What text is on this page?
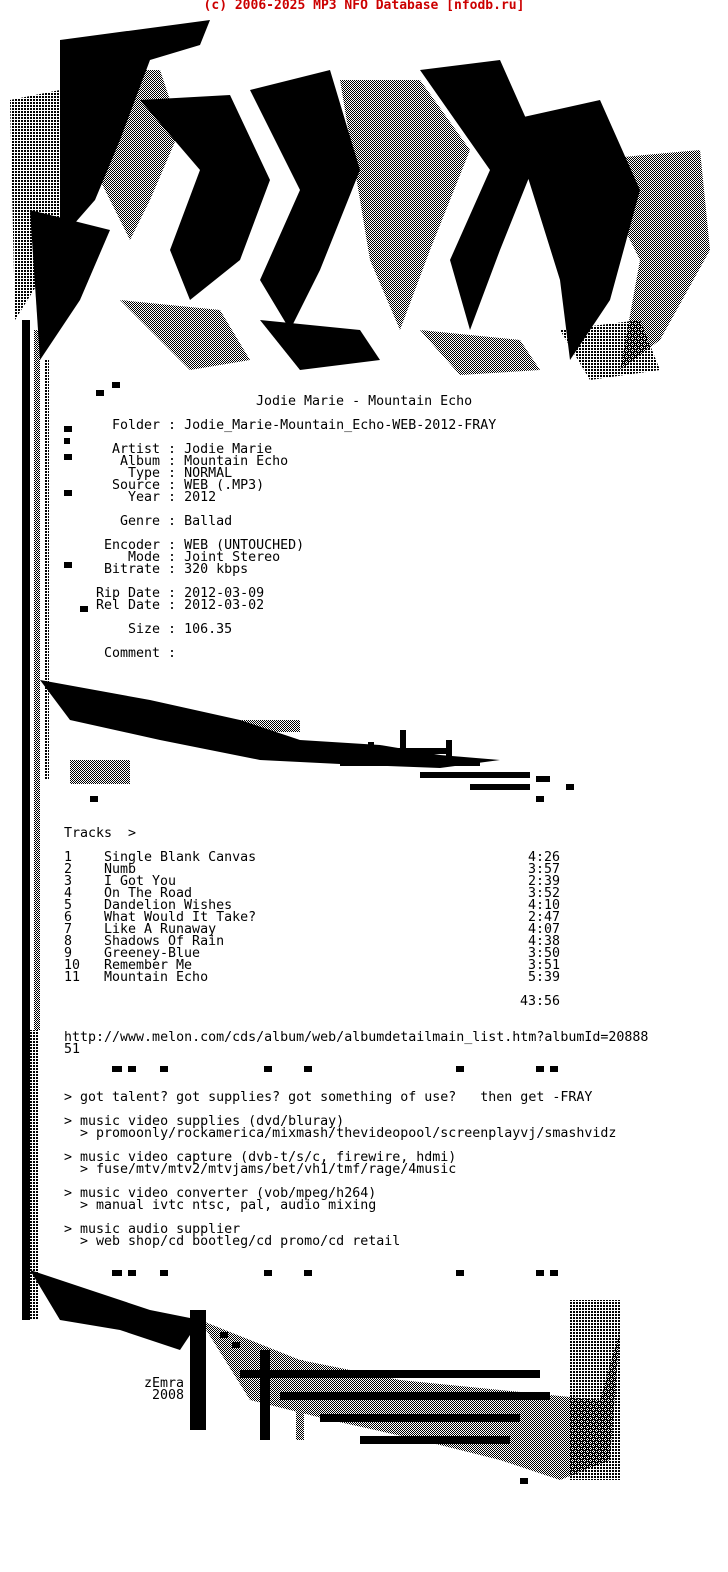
(c) 2006-2025 MP3 NFO Database [nfodb.ru]
zEmra
Jodie Marie - Mountain Echo
Folder : Jodie_Marie-Mountain_Echo-WEB-2012-FRAY
Artist : Jodie Marie
Album : Mountain Echo
Type : NORMAL
Source : WEB (.MP3)
Year : 2012
Genre : Ballad
Encoder : WEB (UNTOUCHED)
Mode : Joint Stereo
Bitrate : 320 kbps
Rip Date : 2012-03-09
Rel Date : 2012-03-02
Size : 106.35
Comment :
Tracks  >
1 Single Blank Canvas	4:26
2 Numb	3:57
3 I Got You	2:39
4 On The Road	3:52
5 Dandelion Wishes	4:10
6 What Would It Take?	2:47
7 Like A Runaway	4:07
8 Shadows Of Rain	4:38
9 Greeney-Blue	3:50
10 Remember Me	3:51
11 Mountain Echo	5:39
43:56
http://www.melon.com/cds/album/web/albumdetailmain_list.htm?albumId=20888
51
> got talent? got supplies? got something of use?   then get -FRAY
> music video supplies (dvd/bluray)
> promoonly/rockamerica/mixmash/thevideopool/screenplayvj/smashvidz
> music video capture (dvb-t/s/c, firewire, hdmi)
> fuse/mtv/mtv2/mtvjams/bet/vh1/tmf/rage/4music
> music video converter (vob/mpeg/h264)
> manual ivtc ntsc, pal, audio mixing
> music audio supplier
> web shop/cd bootleg/cd promo/cd retail
zEmra
2008
